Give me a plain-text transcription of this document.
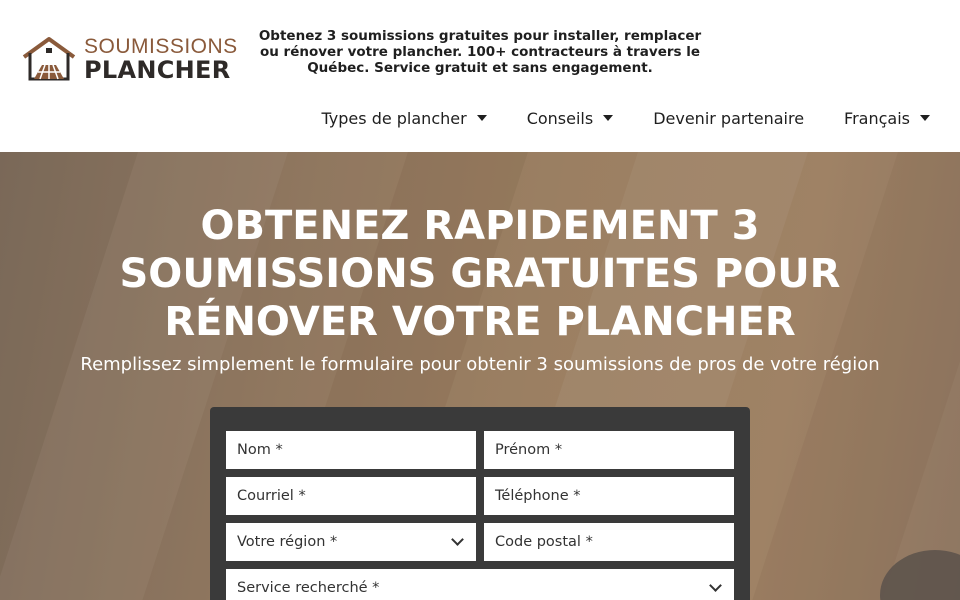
SOUMISSIONS
PLANCHER
Obtenez 3 soumissions gratuites pour installer, remplacer ou rénover votre plancher. 100+ contracteurs à travers le Québec. Service gratuit et sans engagement.
Types de plancher	Conseils	Devenir partenaire	Français
OBTENEZ RAPIDEMENT 3 SOUMISSIONS GRATUITES POUR RÉNOVER VOTRE PLANCHER

Remplissez simplement le formulaire pour obtenir 3 soumissions de pros de votre région

Nom *	Prénom *
Courriel *	Téléphone *
Votre région *	Code postal *
Service recherché *
